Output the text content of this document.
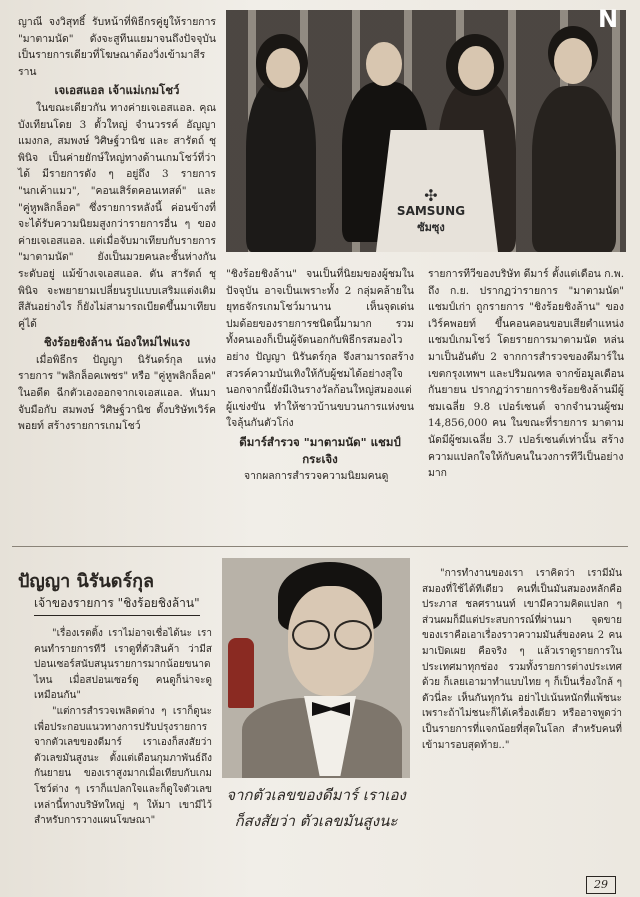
ญาณี จงวิสุทธิ์ รับหน้าที่พิธีกรคู่ยูให้รายการ "มาตามนัด" ดังจะสูทีนแยมาจนถึงปัจจุบัน เป็นรายการเดียวที่โฆษณาต้องวิ่งเข้ามาสีรราน

เจเอสแอล เจ้าแม่เกมโชว์

ในขณะเดียวกัน ทางค่ายเจเอสแอล. คุณบังเทียนโดย 3 ตั้วใหญ่ จำนวรรค์ อัญญาแมงกล, สมพงษ์ วิศิษฐ์วานิช และ สารัตถ์ ชุพินิจ เป็นค่ายยักษ์ใหญ่ทางด้านเกมโชว์ที่ว่าได้ มีรายการดัง ๆ อยู่ถึง 3 รายการ "นกเค้าแมว", "คอนเสิร์ตคอนเทสต์" และ "คู่หูพลิกล็อค" ซึ่งรายการหลังนี้ ค่อนข้างที่จะได้รับความนิยมสูงกว่ารายการอื่น ๆ ของค่ายเจเอสแอล. แต่เมื่อจับมาเทียบกับรายการ "มาตามนัด" ยังเป็นมวยคนละชั้นห่างกันระดับอยู่ แม้ข้างเจเอสแอล. ดัน สารัตถ์ ชุพินิจ จะพยายามเปลี่ยนรูปแบบเสริมแต่งเติมสีสันอย่างไร ก็ยังไม่สามารถเบียดขึ้นมาเทียบคู่ได้

ชิงร้อยชิงล้าน น้องใหม่ไฟแรง

เมื่อพิธีกร ปัญญา นิรันดร์กุล แห่งรายการ "พลิกล็อคเพชร" หรือ "คู่หูพลิกล็อค" ในอดีต ฉีกตัวเองออกจากเจเอสแอล. หันมาจับมือกับ สมพงษ์ วิศิษฐ์วานิช ตั้งบริษัทเวิร์คพอยท์ สร้างรายการเกมโชว์

✣
SAMSUNG
ซัมซุง
N

"ชิงร้อยชิงล้าน" จนเป็นที่นิยมของผู้ชมในปัจจุบัน อาจเป็นเพราะทั้ง 2 กลุ่มคล้ายในยุทธจักรเกมโชว์มานาน เห็นจุดเด่นปมด้อยของรายการชนิดนี้มามาก รวมทั้งคนเองก็เป็นผู้จัดนอกกับพิธีกรสมองไวอย่าง ปัญญา นิรันดร์กุล จึงสามารถสร้างสวรค์ความบันเทิงให้กับผู้ชมได้อย่างสุใจนอกจากนี้ยังมีเงินรางวัลก้อนใหญ่สมองแต่ผู้แข่งขัน ทำให้ชาวบ้านขบวนการแห่งขนใจลุ้นกันตัวโก่ง

ดีมาร์สำรวจ "มาตามนัด" แชมป์กระเจิง

จากผลการสำรวจความนิยมคนดู

รายการทีวีของบริษัท ดีมาร์ ตั้งแต่เดือน ก.พ. ถึง ก.ย. ปรากฏว่ารายการ "มาตามนัด" แชมป์เก่า ถูกรายการ "ชิงร้อยชิงล้าน" ของเวิร์คพอยท์ ขึ้นคอนคอนขอบเสียตำแหน่งแชมป์เกมโชว์ โดยรายการมาตามนัด หล่นมาเป็นอันดับ 2 จากการสำรวจของดีมาร์ในเขตกรุงเทพฯ และปริมณฑล จากข้อมูลเดือนกันยายน ปรากฏว่ารายการชิงร้อยชิงล้านมีผู้ชมเฉลี่ย 9.8 เปอร์เซนต์ จากจำนวนผู้ชม 14,856,000 คน ในขณะที่รายการ มาตามนัดมีผู้ชมเฉลี่ย 3.7 เปอร์เซนต์เท่านั้น สร้างความแปลกใจให้กับคนในวงการทีวีเป็นอย่างมาก

ปัญญา นิรันดร์กุล
เจ้าของรายการ "ชิงร้อยชิงล้าน"

"เรื่องเรตติ้ง เราไม่อาจเชื่อได้นะ เราคนทำรายการทีวี เราดูที่ตัวสินค้า ว่ามีสปอนเซอร์สนับสนุนรายการมากน้อยขนาดไหน เมื่อสปอนเซอร์ดู คนดูก็น่าจะดูเหมือนกัน"

"แต่การสำรวจเพลิดต่าง ๆ เราก็ดูนะ เพื่อประกอบแนวทางการปรับปรุงรายการ จากตัวเลขของดีมาร์ เราเองก็สงสัยว่าตัวเลขมันสูงนะ ตั้งแต่เดือนกุมภาพันธ์ถึงกันยายน ของเราสูงมากเมื่อเทียบกับเกมโชว์ต่าง ๆ เราก็แปลกใจและก็ดูใจตัวเลขเหล่านี้ทางบริษัทใหญ่ ๆ ให้มา เขามีไว้สำหรับการวางแผนโฆษณา"

จากตัวเลขของดีมาร์ เราเองก็สงสัยว่า ตัวเลขมันสูงนะ

"การทำงานของเรา เราคิดว่า เรามีมันสมองที่ใช้ได้ทีเดียว คนที่เป็นมันสมองหลักคือ ประภาส ชลศรานนท์ เขามีความคิดแปลก ๆ ส่วนผมก็มีแต่ประสบการณ์ที่ผ่านมา จุดขายของเราคือเอาเรื่องราวความมันส์ของคน 2 คนมาเปิดเผย คือจริง ๆ แล้วเราดูรายการในประเทศมาทุกช่อง รวมทั้งรายการต่างประเทศด้วย ก็เลยเอามาทำแบบไทย ๆ ก็เป็นเรื่องใกล้ ๆ ตัวนี่ละ เห็นกันทุกวัน อย่าไปเน้นหนักที่แพ้ชนะ เพราะถ้าไม่ชนะก็ได้เครื่องเดียว หรืออาจพูดว่าเป็นรายการที่แจกน้อยที่สุดในโลก สำหรับคนที่เข้ามารอบสุดท้าย.."

29
